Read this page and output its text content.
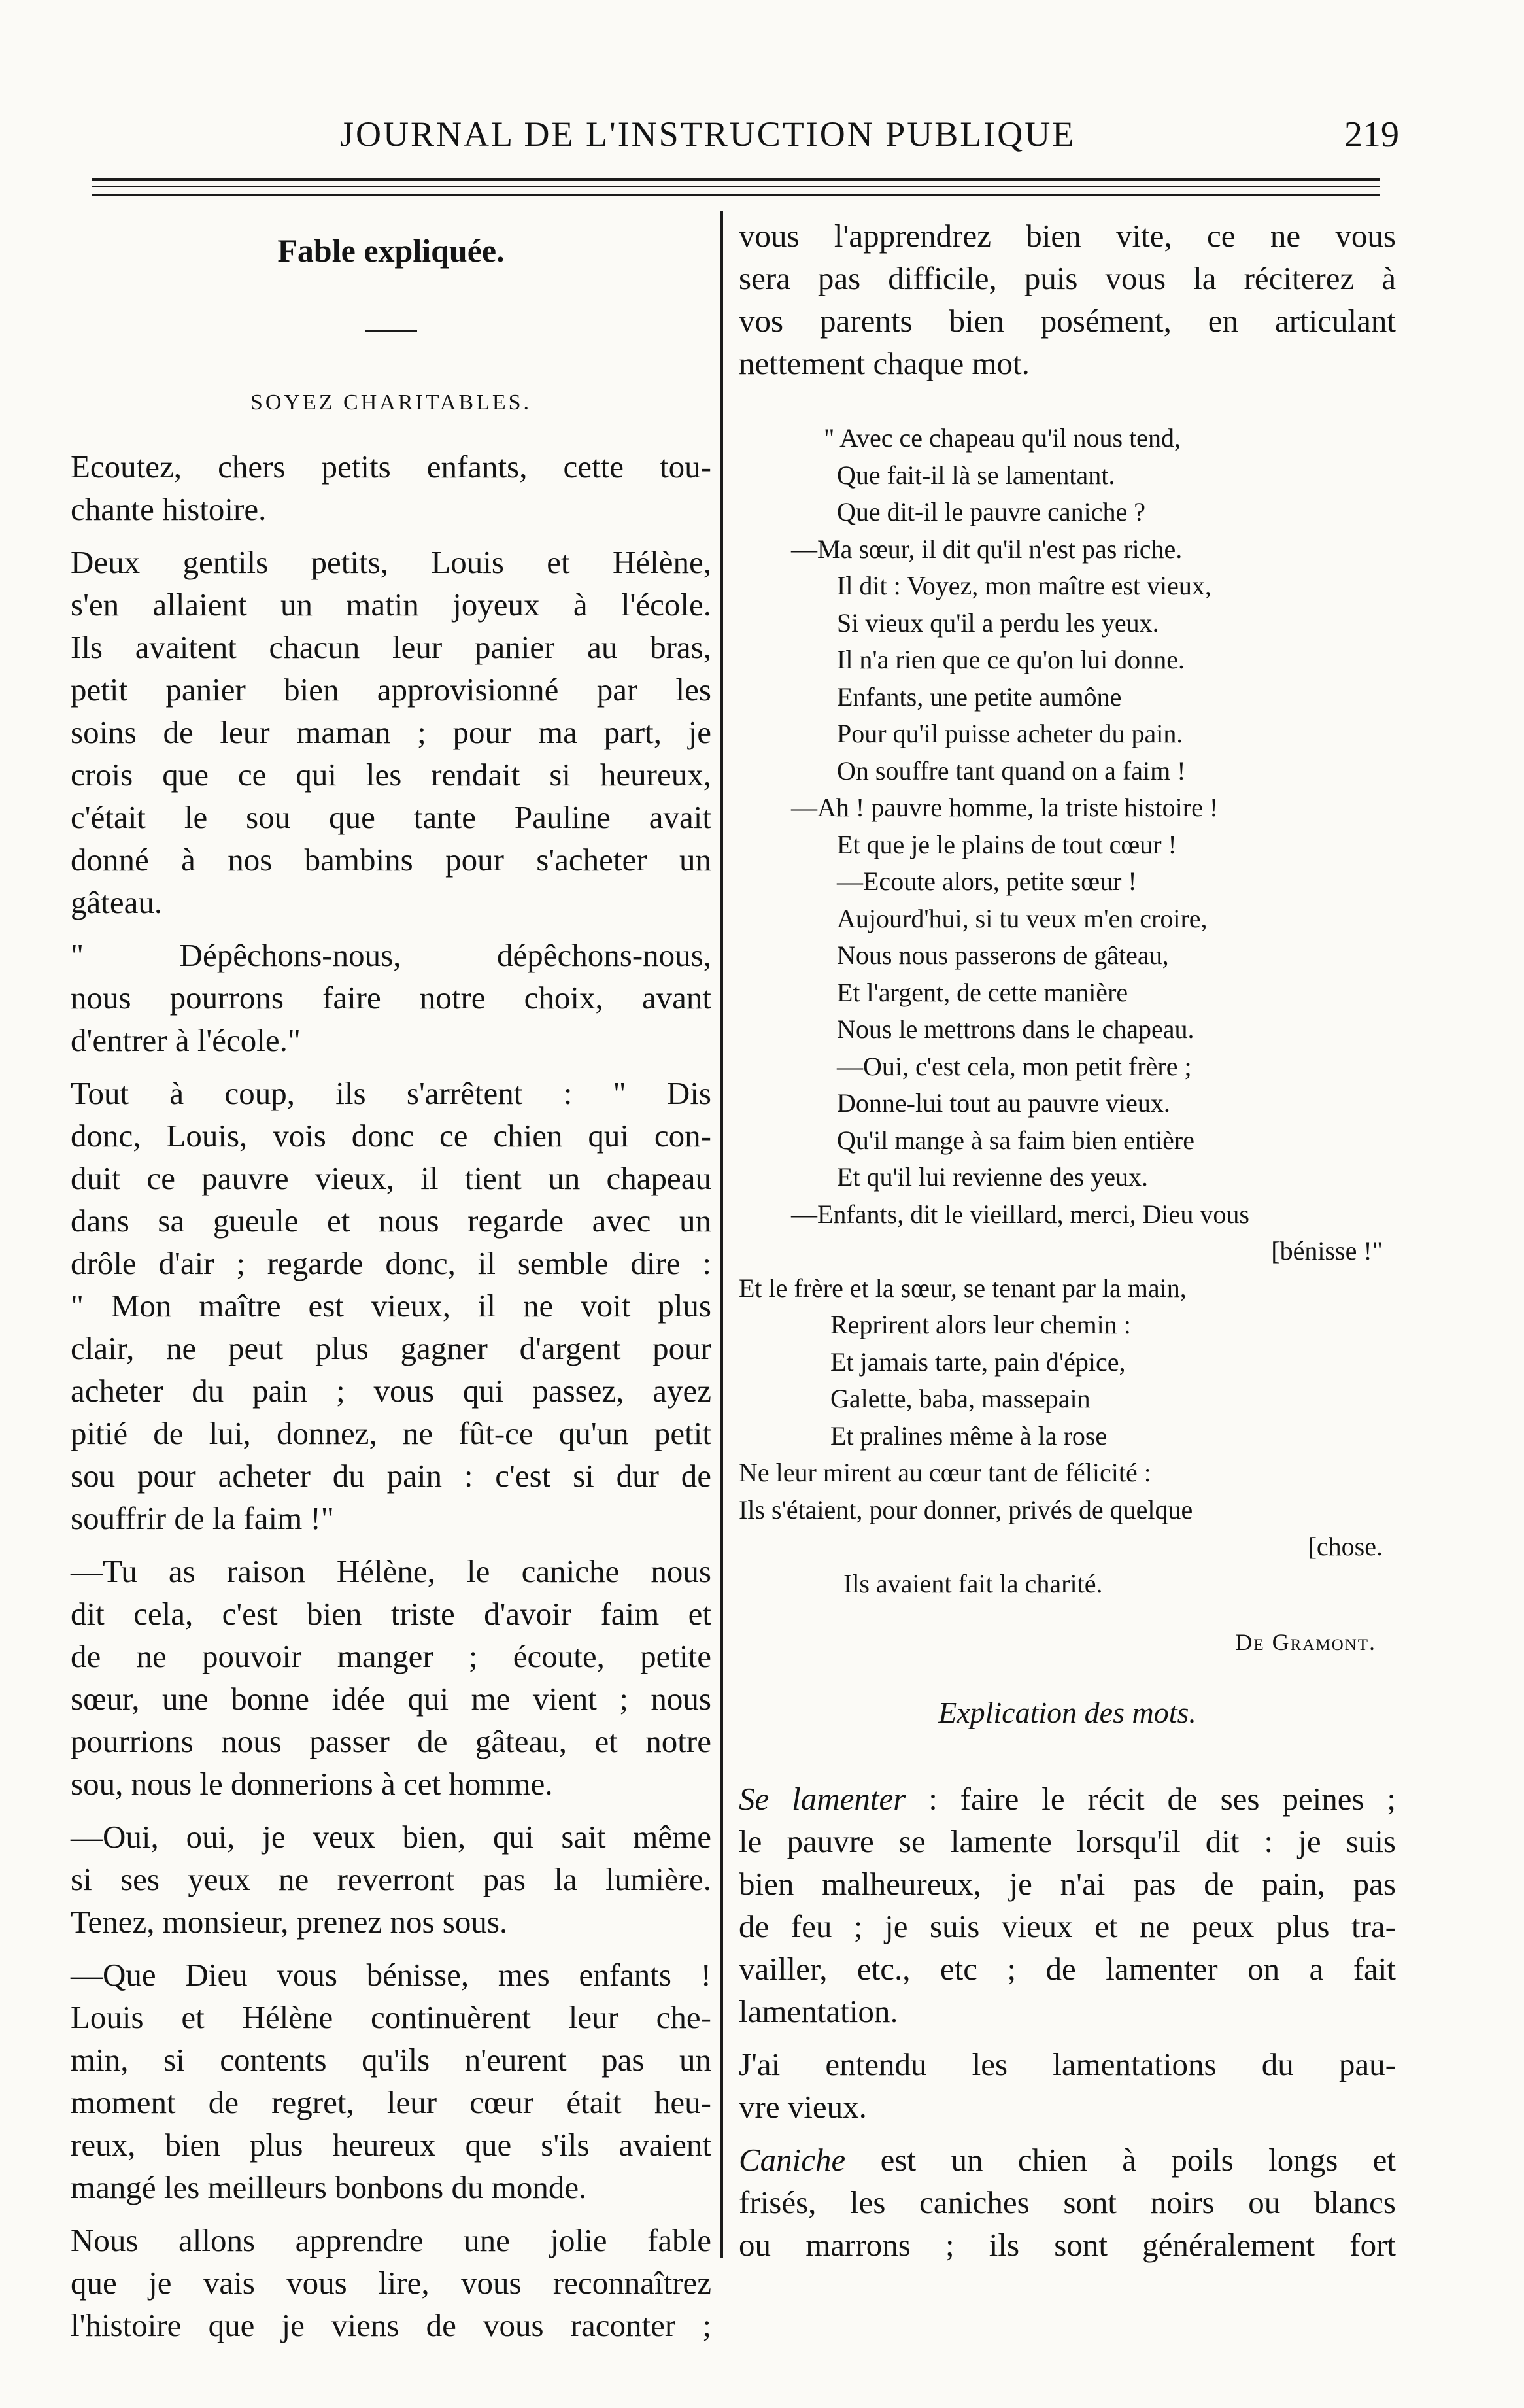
JOURNAL DE L'INSTRUCTION PUBLIQUE	219
Fable expliquée.
SOYEZ CHARITABLES.

Ecoutez, chers petits enfants, cette tou-
chante histoire.

Deux gentils petits, Louis et Hélène,
s'en allaient un matin joyeux à l'école.
Ils avaitent chacun leur panier au bras,
petit panier bien approvisionné par les
soins de leur maman ; pour ma part, je
crois que ce qui les rendait si heureux,
c'était le sou que tante Pauline avait
donné à nos bambins pour s'acheter un
gâteau.

" Dépêchons-nous, dépêchons-nous,
nous pourrons faire notre choix, avant
d'entrer à l'école."

Tout à coup, ils s'arrêtent : " Dis
donc, Louis, vois donc ce chien qui con-
duit ce pauvre vieux, il tient un chapeau
dans sa gueule et nous regarde avec un
drôle d'air ; regarde donc, il semble dire :
" Mon maître est vieux, il ne voit plus
clair, ne peut plus gagner d'argent pour
acheter du pain ; vous qui passez, ayez
pitié de lui, donnez, ne fût-ce qu'un petit
sou pour acheter du pain : c'est si dur de
souffrir de la faim !"

—Tu as raison Hélène, le caniche nous
dit cela, c'est bien triste d'avoir faim et
de ne pouvoir manger ; écoute, petite
sœur, une bonne idée qui me vient ; nous
pourrions nous passer de gâteau, et notre
sou, nous le donnerions à cet homme.

—Oui, oui, je veux bien, qui sait même
si ses yeux ne reverront pas la lumière.
Tenez, monsieur, prenez nos sous.

—Que Dieu vous bénisse, mes enfants !
Louis et Hélène continuèrent leur che-
min, si contents qu'ils n'eurent pas un
moment de regret, leur cœur était heu-
reux, bien plus heureux que s'ils avaient
mangé les meilleurs bonbons du monde.

Nous allons apprendre une jolie fable
que je vais vous lire, vous reconnaîtrez
l'histoire que je viens de vous raconter ;

vous l'apprendrez bien vite, ce ne vous
sera pas difficile, puis vous la réciterez à
vos parents bien posément, en articulant
nettement chaque mot.

" Avec ce chapeau qu'il nous tend,
Que fait-il là se lamentant.
Que dit-il le pauvre caniche ?
—Ma sœur, il dit qu'il n'est pas riche.
Il dit : Voyez, mon maître est vieux,
Si vieux qu'il a perdu les yeux.
Il n'a rien que ce qu'on lui donne.
Enfants, une petite aumône
Pour qu'il puisse acheter du pain.
On souffre tant quand on a faim !
—Ah ! pauvre homme, la triste histoire !
Et que je le plains de tout cœur !
—Ecoute alors, petite sœur !
Aujourd'hui, si tu veux m'en croire,
Nous nous passerons de gâteau,
Et l'argent, de cette manière
Nous le mettrons dans le chapeau.
—Oui, c'est cela, mon petit frère ;
Donne-lui tout au pauvre vieux.
Qu'il mange à sa faim bien entière
Et qu'il lui revienne des yeux.
—Enfants, dit le vieillard, merci, Dieu vous
[bénisse !"
Et le frère et la sœur, se tenant par la main,
Reprirent alors leur chemin :
Et jamais tarte, pain d'épice,
Galette, baba, massepain
Et pralines même à la rose
Ne leur mirent au cœur tant de félicité :
Ils s'étaient, pour donner, privés de quelque
[chose.
Ils avaient fait la charité.
De Gramont.
Explication des mots.

Se lamenter : faire le récit de ses peines ;
le pauvre se lamente lorsqu'il dit : je suis
bien malheureux, je n'ai pas de pain, pas
de feu ; je suis vieux et ne peux plus tra-
vailler, etc., etc ; de lamenter on a fait
lamentation.

J'ai entendu les lamentations du pau-
vre vieux.

Caniche est un chien à poils longs et
frisés, les caniches sont noirs ou blancs
ou marrons ; ils sont généralement fort
